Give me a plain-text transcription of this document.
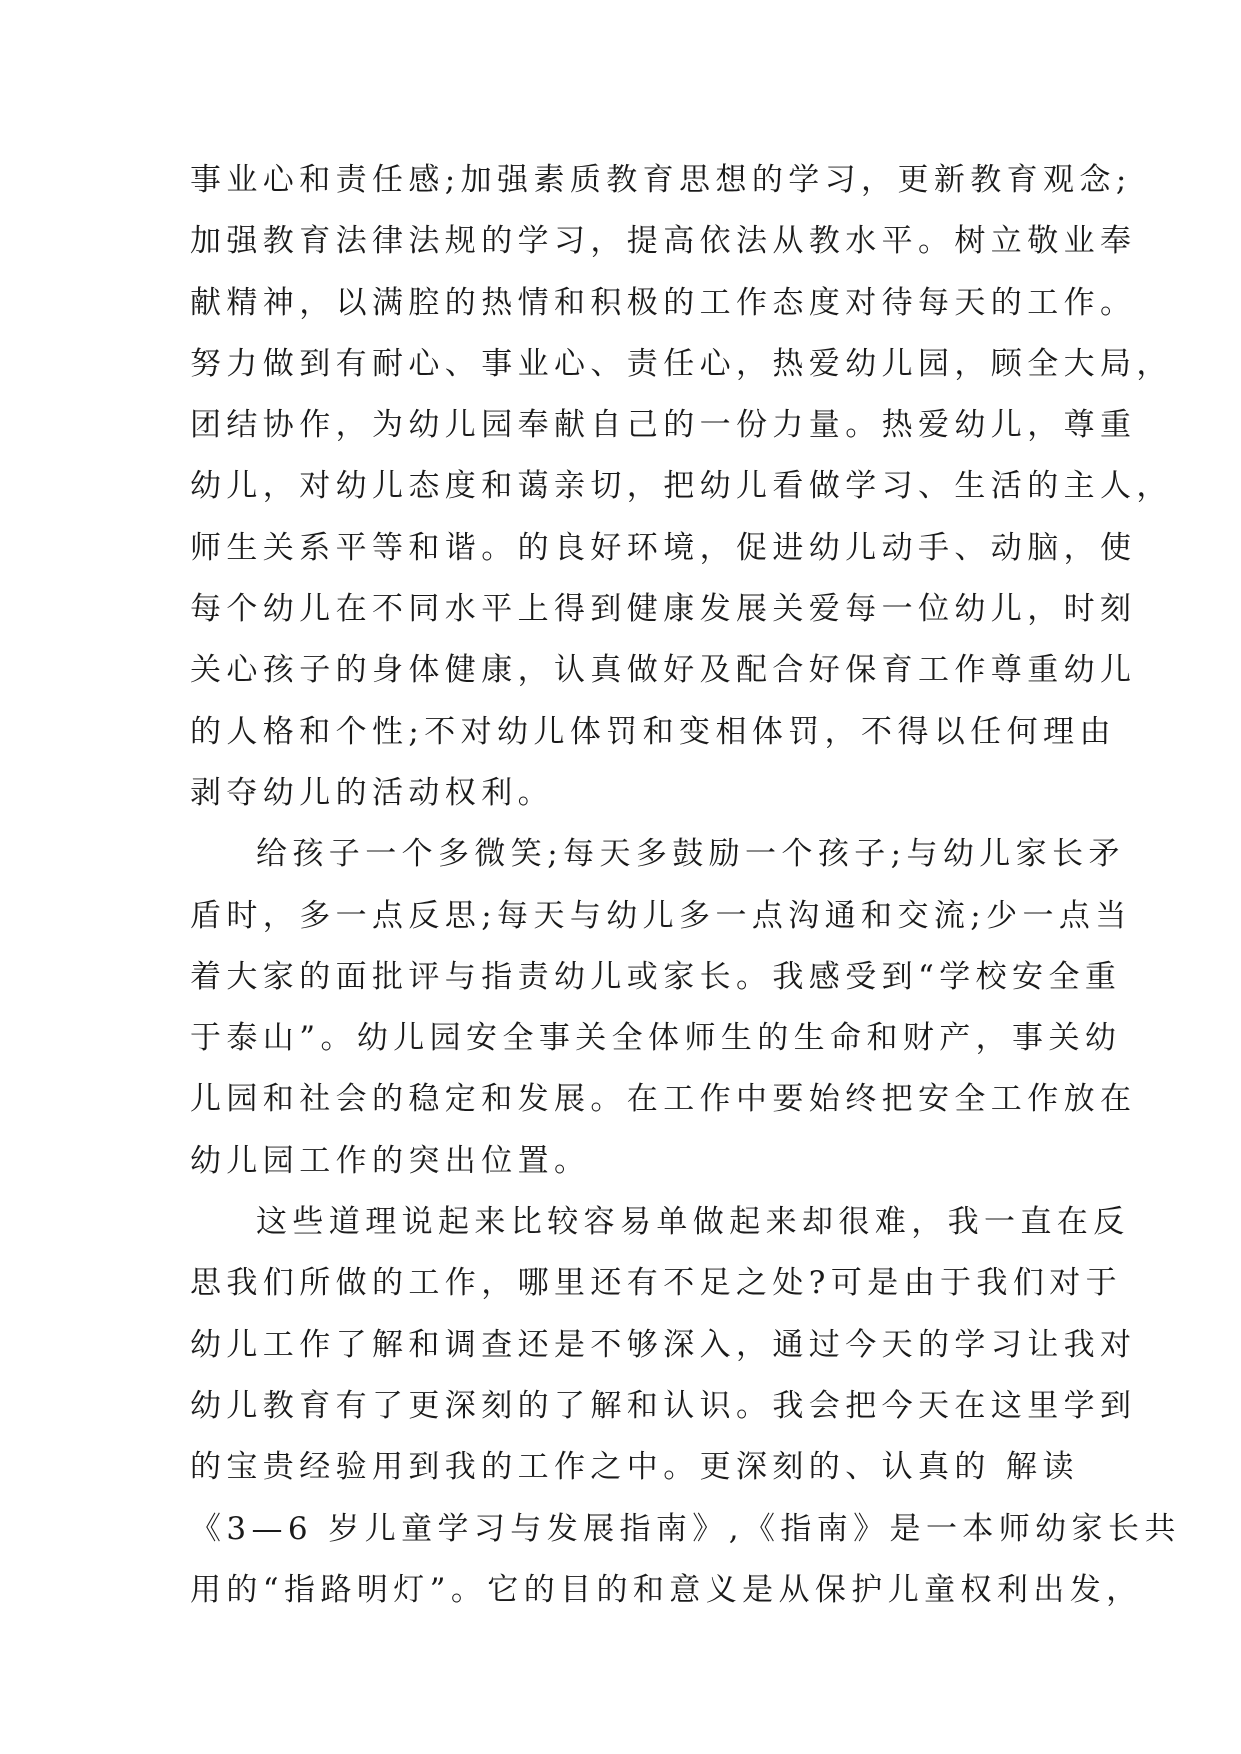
事业心和责任感;加强素质教育思想的学习，更新教育观念;
加强教育法律法规的学习，提高依法从教水平。树立敬业奉
献精神，以满腔的热情和积极的工作态度对待每天的工作。
努力做到有耐心、事业心、责任心，热爱幼儿园，顾全大局，
团结协作，为幼儿园奉献自己的一份力量。热爱幼儿，尊重
幼儿，对幼儿态度和蔼亲切，把幼儿看做学习、生活的主人，
师生关系平等和谐。的良好环境，促进幼儿动手、动脑，使
每个幼儿在不同水平上得到健康发展关爱每一位幼儿，时刻
关心孩子的身体健康，认真做好及配合好保育工作尊重幼儿
的人格和个性;不对幼儿体罚和变相体罚，不得以任何理由
剥夺幼儿的活动权利。
给孩子一个多微笑;每天多鼓励一个孩子;与幼儿家长矛
盾时，多一点反思;每天与幼儿多一点沟通和交流;少一点当
着大家的面批评与指责幼儿或家长。我感受到“学校安全重
于泰山”。幼儿园安全事关全体师生的生命和财产，事关幼
儿园和社会的稳定和发展。在工作中要始终把安全工作放在
幼儿园工作的突出位置。
这些道理说起来比较容易单做起来却很难，我一直在反
思我们所做的工作，哪里还有不足之处?可是由于我们对于
幼儿工作了解和调查还是不够深入，通过今天的学习让我对
幼儿教育有了更深刻的了解和认识。我会把今天在这里学到
的宝贵经验用到我的工作之中。更深刻的、认真的 解读
《3—6 岁儿童学习与发展指南》,《指南》是一本师幼家长共
用的“指路明灯”。它的目的和意义是从保护儿童权利出发，
